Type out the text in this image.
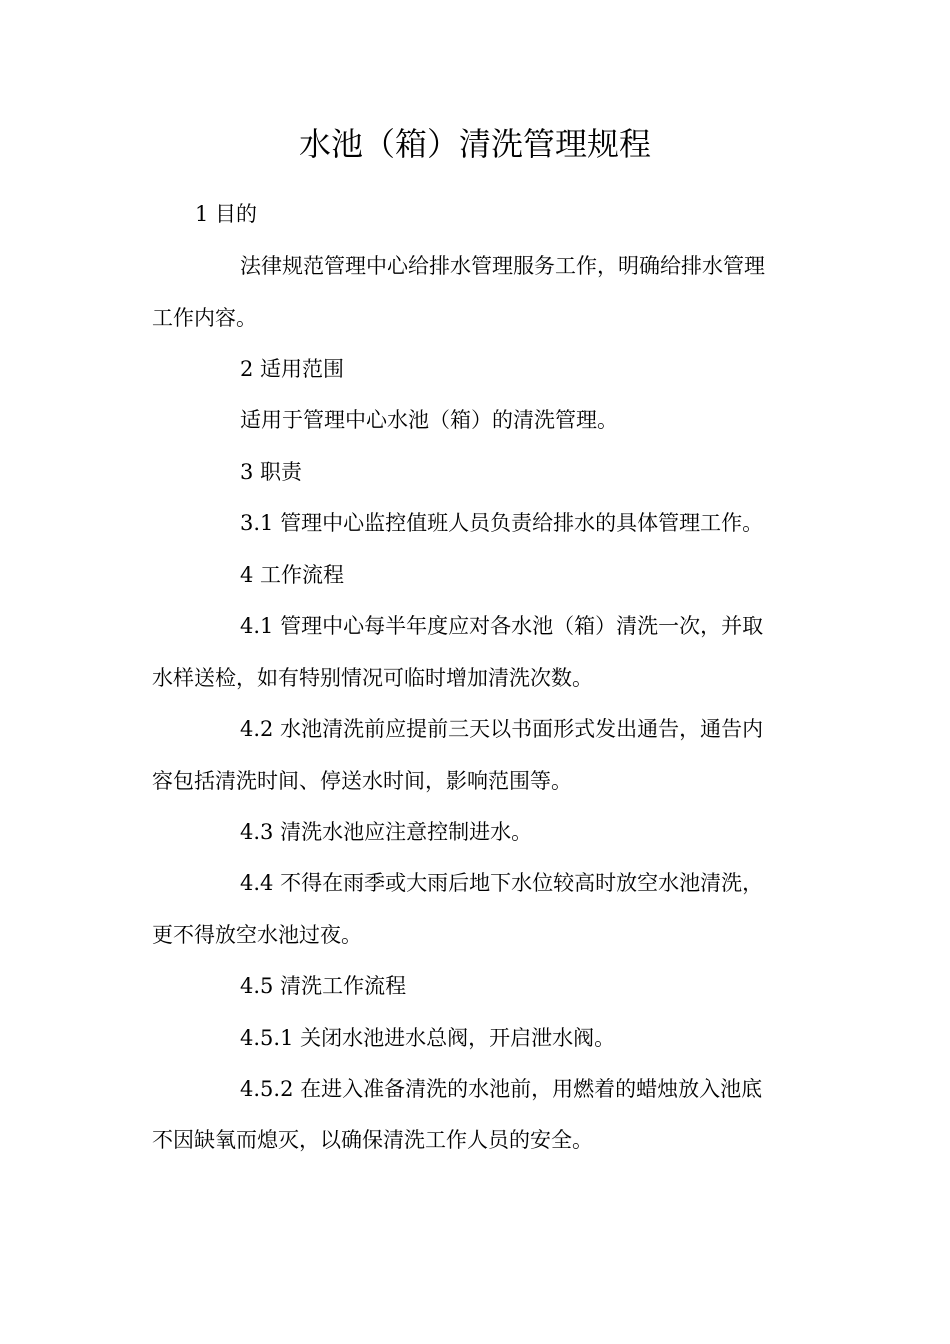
水池（箱）清洗管理规程
1 目的
法律规范管理中心给排水管理服务工作，明确给排水管理
工作内容。
2 适用范围
适用于管理中心水池（箱）的清洗管理。
3 职责
3.1 管理中心监控值班人员负责给排水的具体管理工作。
4 工作流程
4.1 管理中心每半年度应对各水池（箱）清洗一次，并取
水样送检，如有特别情况可临时增加清洗次数。
4.2 水池清洗前应提前三天以书面形式发出通告，通告内
容包括清洗时间、停送水时间，影响范围等。
4.3 清洗水池应注意控制进水。
4.4 不得在雨季或大雨后地下水位较高时放空水池清洗，
更不得放空水池过夜。
4.5 清洗工作流程
4.5.1 关闭水池进水总阀，开启泄水阀。
4.5.2 在进入准备清洗的水池前，用燃着的蜡烛放入池底
不因缺氧而熄灭，以确保清洗工作人员的安全。
